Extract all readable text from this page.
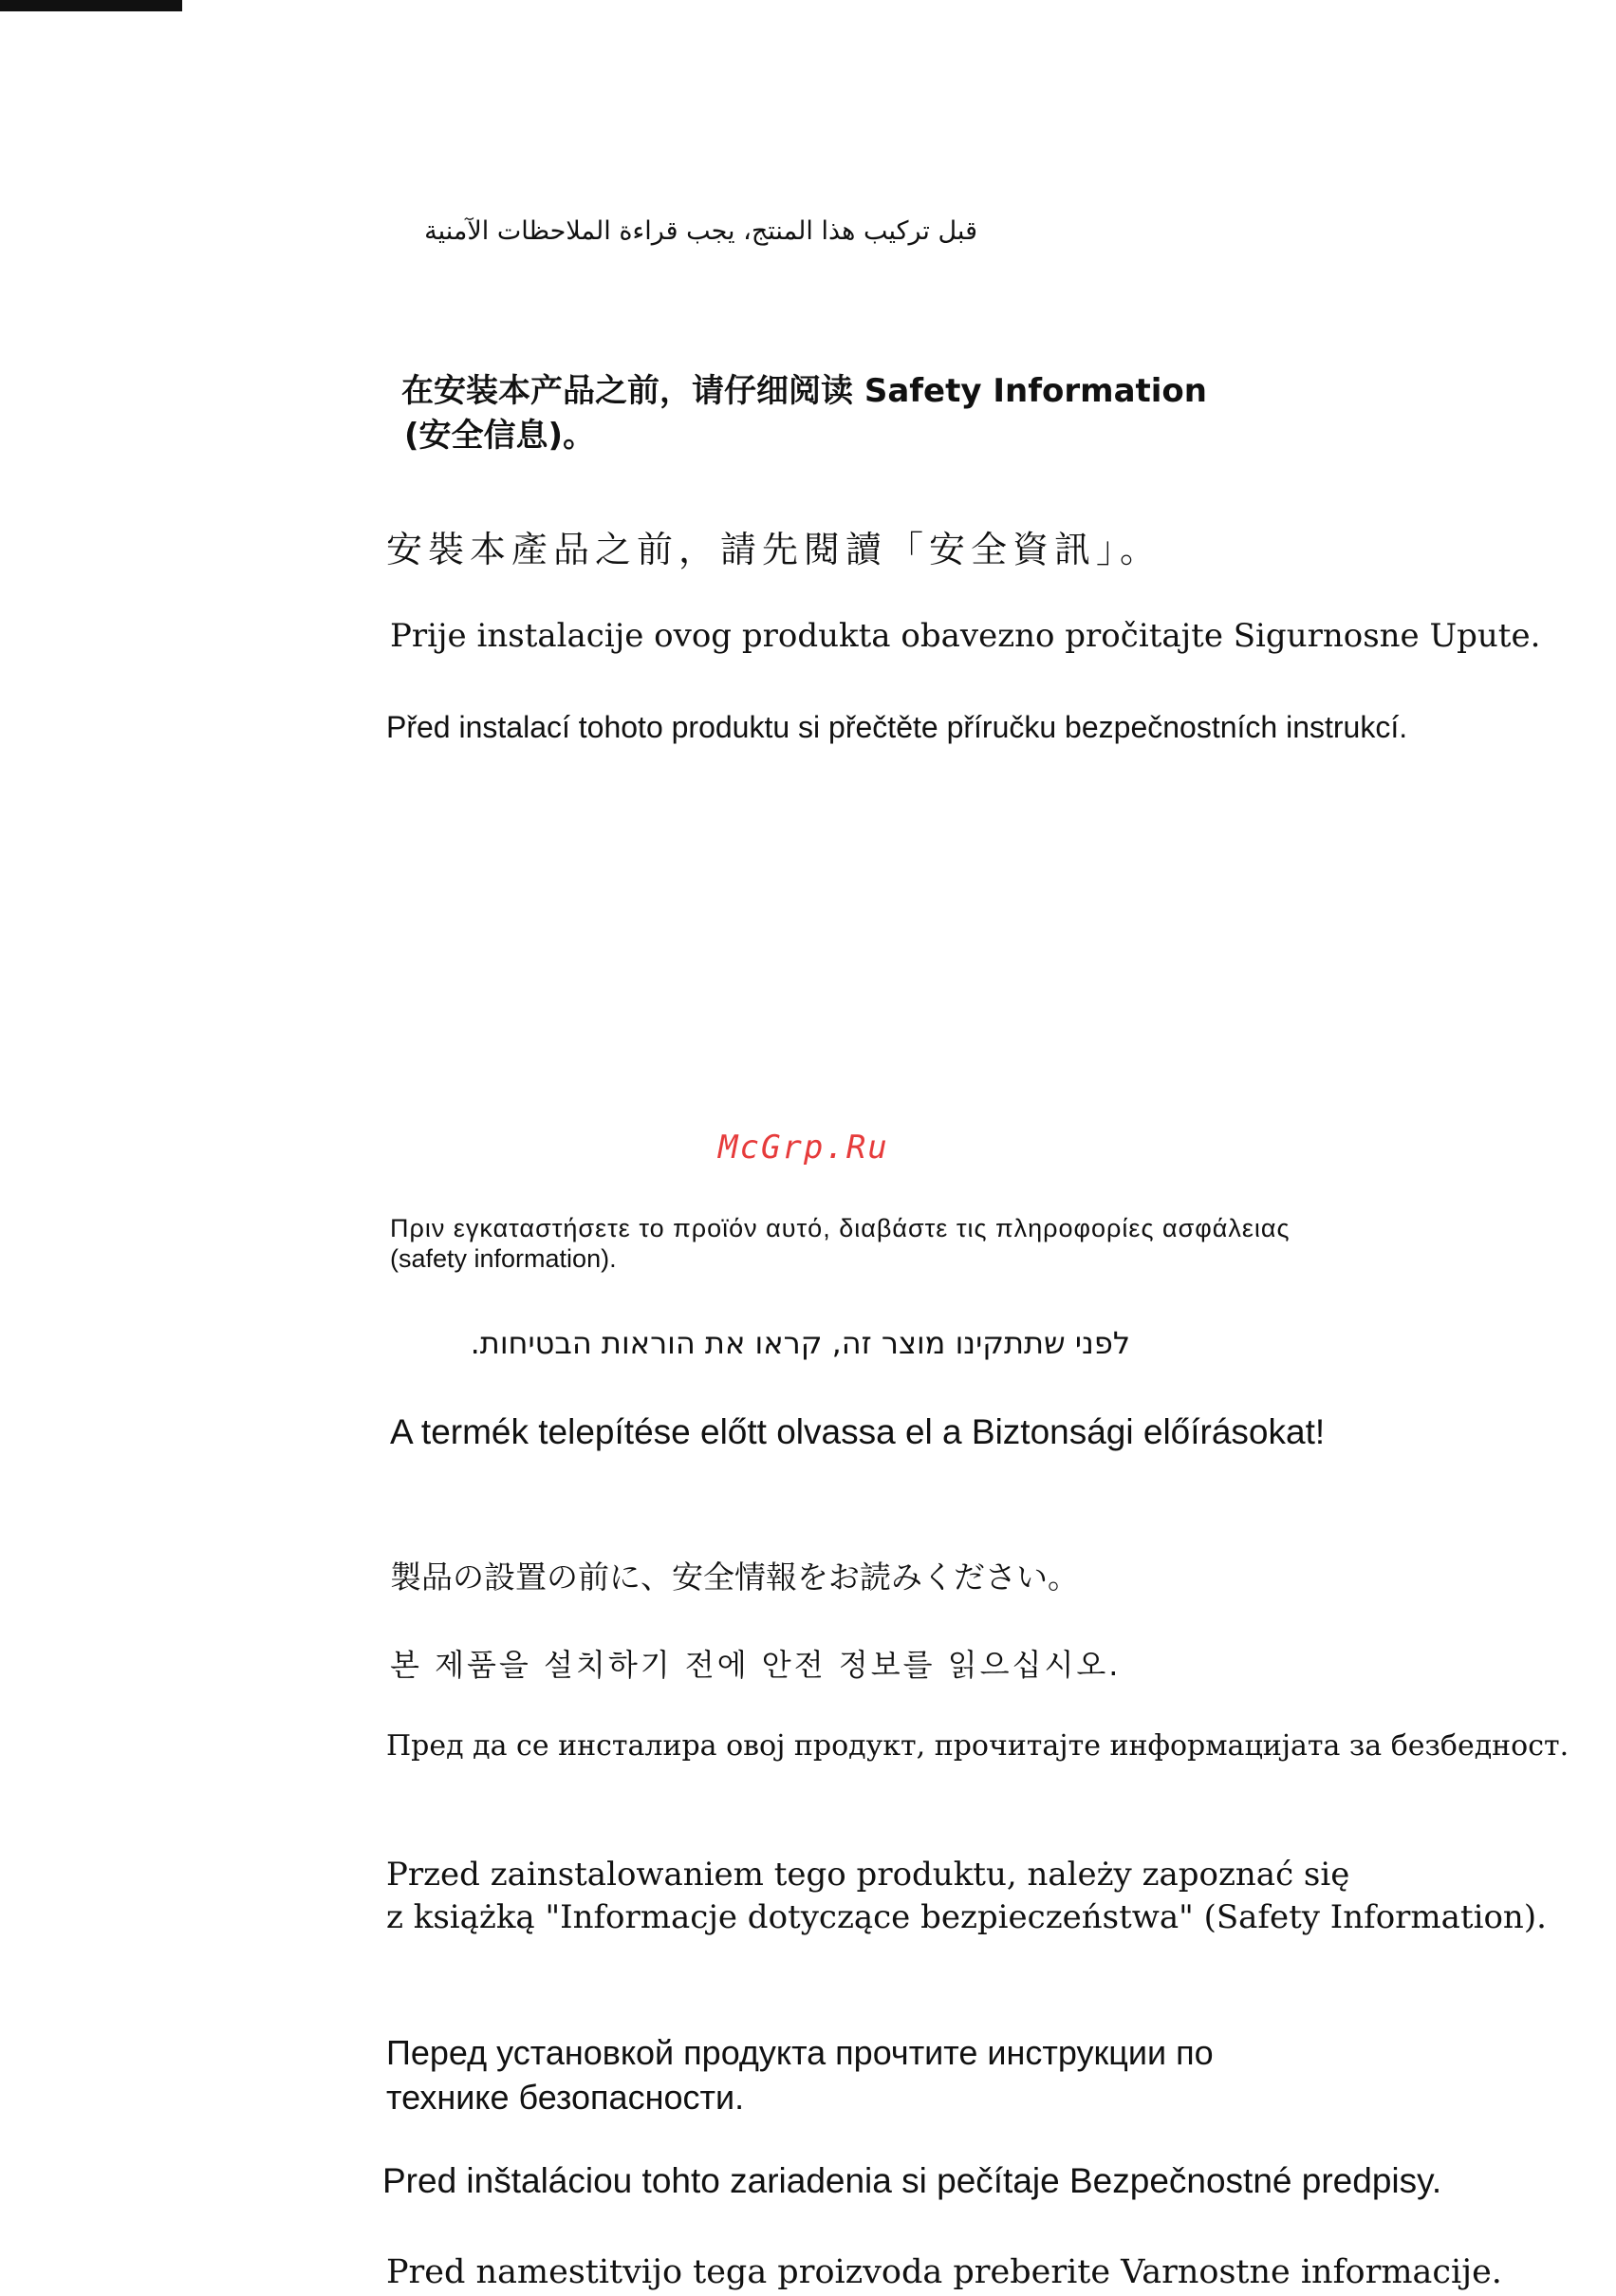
قبل تركيب هذا المنتج، يجب قراءة الملاحظات الآمنية

在安装本产品之前，请仔细阅读 Safety Information

(安全信息)。

安裝本產品之前，請先閱讀「安全資訊」。

Prije instalacije ovog produkta obavezno pročitajte Sigurnosne Upute.

Před instalací tohoto produktu si přečtěte příručku bezpečnostních instrukcí.

McGrp.Ru

Πριν εγκαταστήσετε το προϊόν αυτό, διαβάστε τις πληροφορίες ασφάλειας

(safety information).

לפני שתתקינו מוצר זה, קראו את הוראות הבטיחות.

A termék telepítése előtt olvassa el a Biztonsági előírásokat!

製品の設置の前に、安全情報をお読みください。

본 제품을 설치하기 전에 안전 정보를 읽으십시오.

Пред да се инсталира овој продукт, прочитајте информацијата за безбедност.

Przed zainstalowaniem tego produktu, należy zapoznać się

z książką "Informacje dotyczące bezpieczeństwa" (Safety Information).

Перед установкой продукта прочтите инструкции по

технике безопасности.

Pred inštaláciou tohto zariadenia si pečítaje Bezpečnostné predpisy.

Pred namestitvijo tega proizvoda preberite Varnostne informacije.
